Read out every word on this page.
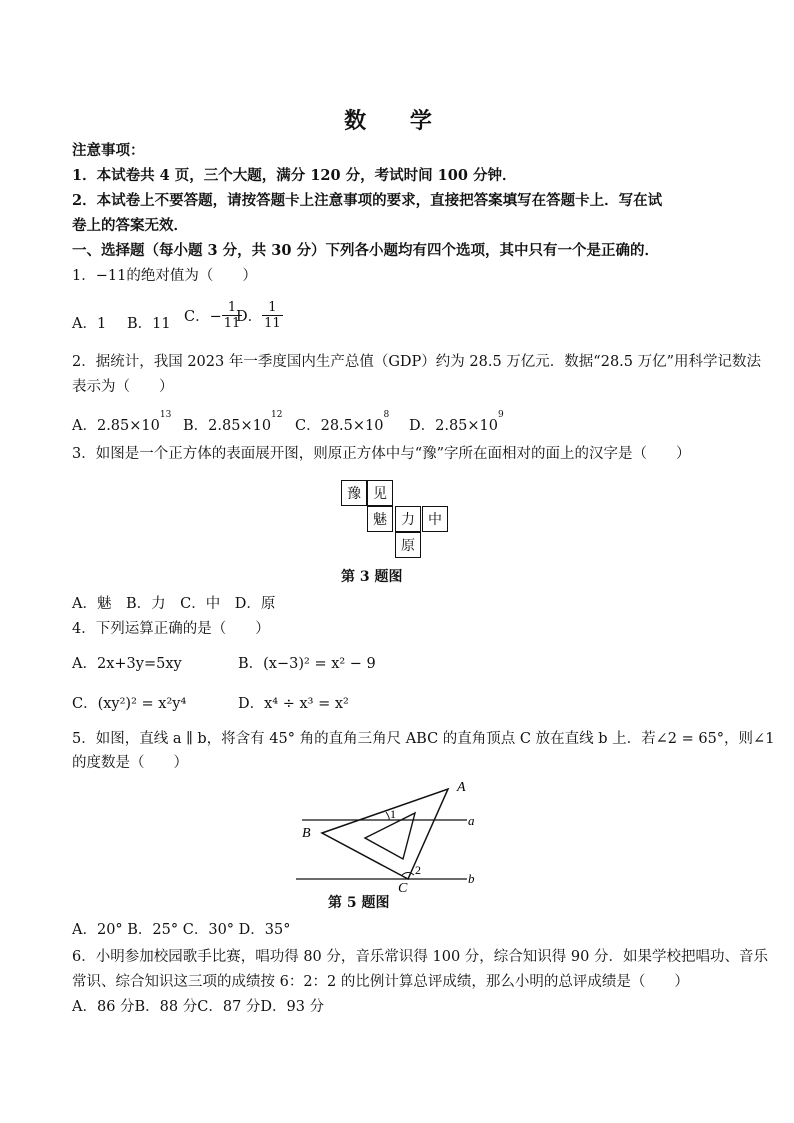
数 学
注意事项：
1．本试卷共 4 页，三个大题，满分 120 分，考试时间 100 分钟．
2．本试卷上不要答题，请按答题卡上注意事项的要求，直接把答案填写在答题卡上．写在试
卷上的答案无效．
一、选择题（每小题 3 分，共 30 分）下列各小题均有四个选项，其中只有一个是正确的．
1．−11的绝对值为（　　）
A．1 B．11 C．− $\frac{1}{11}$
D． $\frac{1}{11}$
2．据统计，我国 2023 年一季度国内生产总值（GDP）约为 28.5 万亿元．数据“28.5 万亿”用科学记数法
表示为（　　）
A．$2.85\times 10^{13}$
B．$2.85\times 10^{12}$
C．$28.5\times 10^8$
D．$2.85\times 10^9$
3．如图是一个正方体的表面展开图，则原正方体中与“豫”字所在面相对的面上的汉字是（　　）
豫 见
魅	力 中
原
第 3 题图
A．魅　B．力　C．中　D．原
4．下列运算正确的是（　　）
A．2x+3y=5xy	B．(x−3)² = x² − 9
C．(xy²)² = x²y⁴	D．x⁴ ÷ x³ = x²
5．如图，直线 a ∥ b，将含有 45° 角的直角三角尺 ABC 的直角顶点 C 放在直线 b 上．若∠2 = 65°，则∠1
的度数是（　　）
A
B
C
a
b
1
2
第 5 题图
A．20° B．25° C．30° D．35°
6．小明参加校园歌手比赛，唱功得 80 分，音乐常识得 100 分，综合知识得 90 分．如果学校把唱功、音乐
常识、综合知识这三项的成绩按 6：2：2 的比例计算总评成绩，那么小明的总评成绩是（　　）
A．86 分B．88 分C．87 分D．93 分
